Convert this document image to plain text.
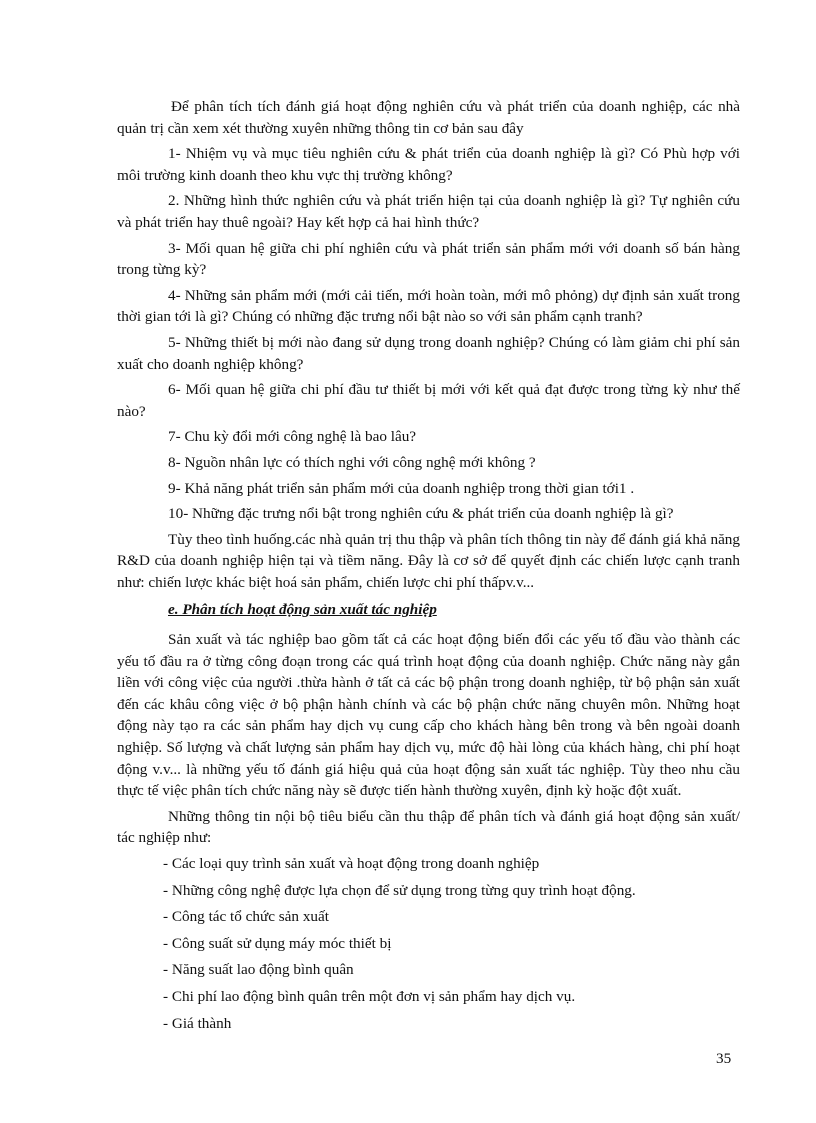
Để phân tích tích đánh giá hoạt động nghiên cứu và phát triển của doanh nghiệp, các nhà quản trị cần xem xét thường xuyên những thông tin cơ bản sau đây

1- Nhiệm vụ và mục tiêu nghiên cứu & phát triển của doanh nghiệp là gì? Có Phù hợp với môi trường kinh doanh theo khu vực thị trường không?

2. Những hình thức nghiên cứu và phát triển hiện tại của doanh nghiệp là gì? Tự nghiên cứu và phát triển hay thuê ngoài? Hay kết hợp cả hai hình thức?

3- Mối quan hệ giữa chi phí nghiên cứu và phát triển sản phẩm mới với doanh số bán hàng trong từng kỳ?

4- Những sản phẩm mới (mới cải tiến, mới hoàn toàn, mới mô phỏng) dự định sản xuất trong thời gian tới là gì? Chúng có những đặc trưng nổi bật nào so với sản phẩm cạnh tranh?

5- Những thiết bị mới nào đang sử dụng trong doanh nghiệp? Chúng có làm giảm chi phí sản xuất cho doanh nghiệp không?

6- Mối quan hệ giữa chi phí đầu tư thiết bị mới với kết quả đạt được trong từng kỳ như thế nào?

7- Chu kỳ đổi mới công nghệ là bao lâu?

8- Nguồn nhân lực có thích nghi với công nghệ mới không ?

9- Khả năng phát triển sản phẩm mới của doanh nghiệp trong thời gian tới1 .

10- Những đặc trưng nổi bật trong nghiên cứu & phát triển của doanh nghiệp là gì?

Tùy theo tình huống.các nhà quản trị thu thập và phân tích thông tin này để đánh giá khả năng R&D của doanh nghiệp hiện tại và tiềm năng. Đây là cơ sở để quyết định các chiến lược cạnh tranh như: chiến lược khác biệt hoá sản phẩm, chiến lược chi phí thấpv.v...

e. Phân tích hoạt động sản xuất tác nghiệp

Sản xuất và tác nghiệp bao gồm tất cả các hoạt động biến đổi các yếu tố đầu vào thành các yếu tố đầu ra ở từng công đoạn trong các quá trình hoạt động của doanh nghiệp. Chức năng này gắn liền với công việc của người .thừa hành ở tất cả các bộ phận trong doanh nghiệp, từ bộ phận sản xuất đến các khâu công việc ở bộ phận hành chính và các bộ phận chức năng chuyên môn. Những hoạt động này tạo ra các sản phẩm hay dịch vụ cung cấp cho khách hàng bên trong và bên ngoài doanh nghiệp. Số lượng và chất lượng sản phẩm hay dịch vụ, mức độ hài lòng của khách hàng, chi phí hoạt động v.v... là những yếu tố đánh giá hiệu quả của hoạt động sản xuất tác nghiệp. Tùy theo nhu cầu thực tế việc phân tích chức năng này sẽ được tiến hành thường xuyên, định kỳ hoặc đột xuất.

Những thông tin nội bộ tiêu biểu cần thu thập để phân tích và đánh giá hoạt động sản xuất/ tác nghiệp như:

- Các loại quy trình sản xuất và hoạt động trong doanh nghiệp
- Những công nghệ được lựa chọn để sử dụng trong từng quy trình hoạt động.
- Công tác tổ chức sản xuất
- Công suất sử dụng máy móc thiết bị
- Năng suất lao động bình quân
- Chi phí lao động bình quân trên một đơn vị sản phẩm hay dịch vụ.
- Giá thành
35
